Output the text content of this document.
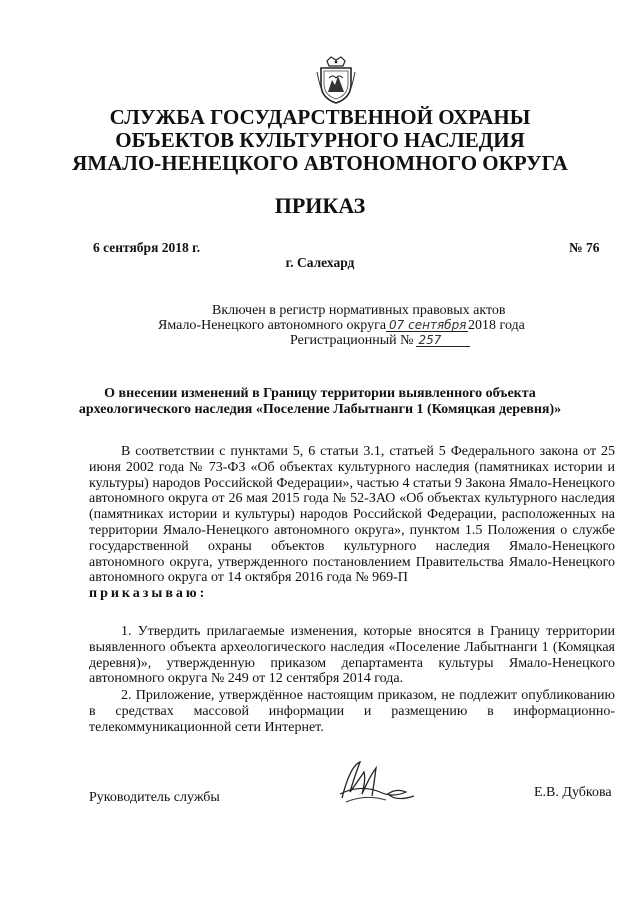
СЛУЖБА ГОСУДАРСТВЕННОЙ ОХРАНЫ
ОБЪЕКТОВ КУЛЬТУРНОГО НАСЛЕДИЯ
ЯМАЛО-НЕНЕЦКОГО АВТОНОМНОГО ОКРУГА
ПРИКАЗ
6 сентября 2018 г.	№ 76
г. Салехард
Включен в регистр нормативных правовых актов
Ямало-Ненецкого автономного округа 07 сентября 2018 года
Регистрационный № 257
О внесении изменений в Границу территории выявленного объекта
археологического наследия «Поселение Лабытнанги 1 (Комяцкая деревня)»

В соответствии с пунктами 5, 6 статьи 3.1, статьей 5 Федерального закона от 25 июня 2002 года № 73-ФЗ «Об объектах культурного наследия (памятниках истории и культуры) народов Российской Федерации», частью 4 статьи 9 Закона Ямало-Ненецкого автономного округа от 26 мая 2015 года № 52-ЗАО «Об объектах культурного наследия (памятниках истории и культуры) народов Российской Федерации, расположенных на территории Ямало-Ненецкого автономного округа», пунктом 1.5 Положения о службе государственной охраны объектов культурного наследия Ямало-Ненецкого автономного округа, утвержденного постановлением Правительства Ямало-Ненецкого автономного округа от 14 октября 2016 года № 969-П
приказываю:

1. Утвердить прилагаемые изменения, которые вносятся в Границу территории выявленного объекта археологического наследия «Поселение Лабытнанги 1 (Комяцкая деревня)», утвержденную приказом департамента культуры Ямало-Ненецкого автономного округа № 249 от 12 сентября 2014 года.

2. Приложение, утверждённое настоящим приказом, не подлежит опубликованию в средствах массовой информации и размещению в информационно-телекоммуникационной сети Интернет.

Руководитель службы	Е.В. Дубкова
